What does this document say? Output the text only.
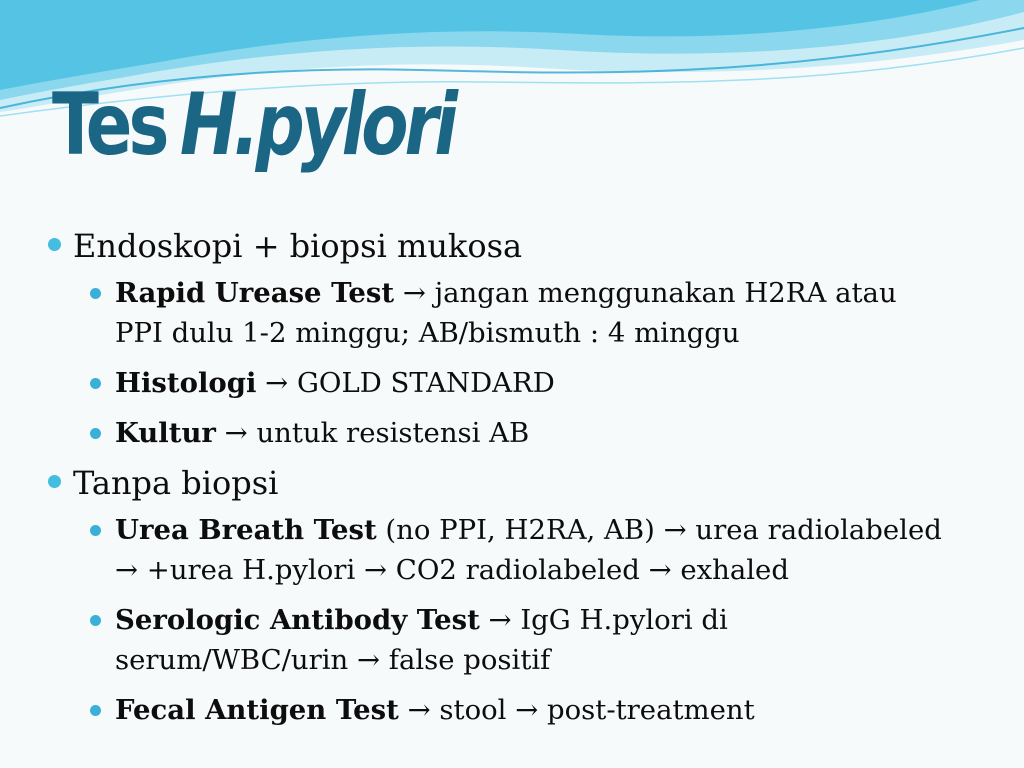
Tes H.pylori
Endoskopi + biopsi mukosa
Rapid Urease Test → jangan menggunakan H2RA atau
PPI dulu 1-2 minggu; AB/bismuth : 4 minggu
Histologi → GOLD STANDARD
Kultur → untuk resistensi AB
Tanpa biopsi
Urea Breath Test (no PPI, H2RA, AB) → urea radiolabeled
→ +urea H.pylori → CO2 radiolabeled → exhaled
Serologic Antibody Test → IgG H.pylori di
serum/WBC/urin → false positif
Fecal Antigen Test → stool → post-treatment
